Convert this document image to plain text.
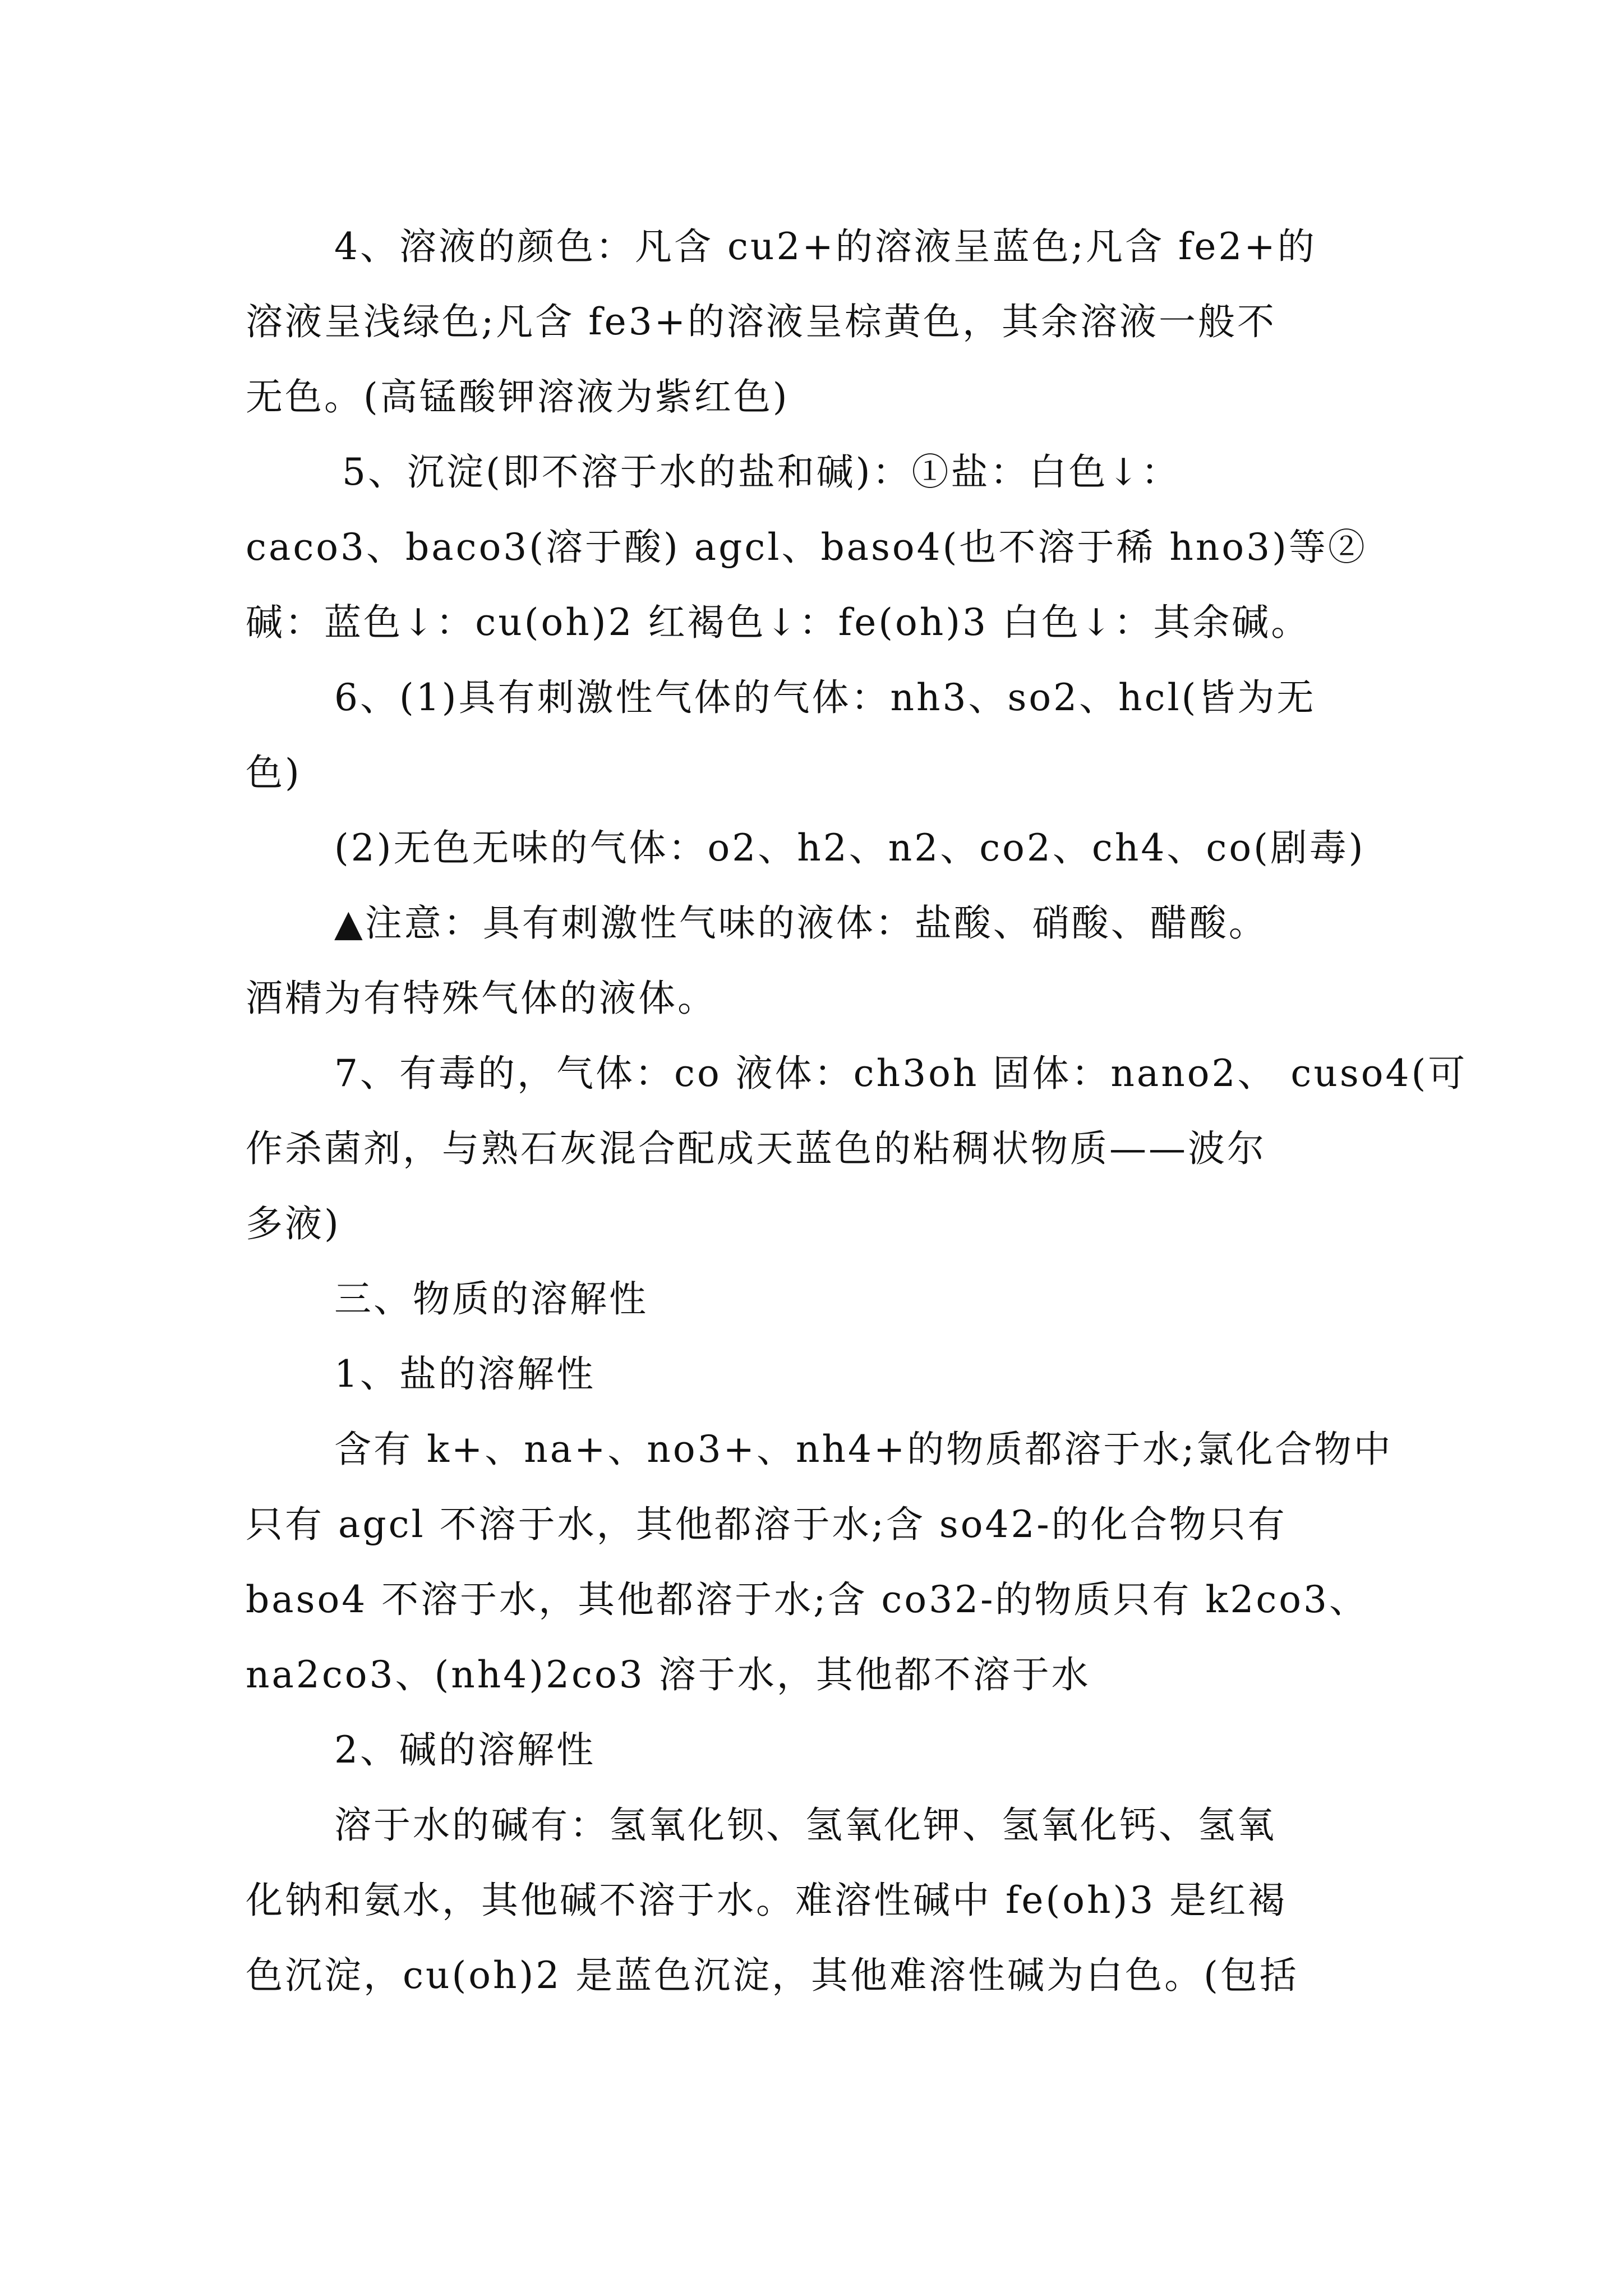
4、溶液的颜色：凡含 cu2+的溶液呈蓝色;凡含 fe2+的
溶液呈浅绿色;凡含 fe3+的溶液呈棕黄色，其余溶液一般不
无色。(高锰酸钾溶液为紫红色)
5、沉淀(即不溶于水的盐和碱)：①盐：白色↓：
caco3、baco3(溶于酸) agcl、baso4(也不溶于稀 hno3)等②
碱：蓝色↓：cu(oh)2 红褐色↓：fe(oh)3 白色↓：其余碱。
6、(1)具有刺激性气体的气体：nh3、so2、hcl(皆为无
色)
(2)无色无味的气体：o2、h2、n2、co2、ch4、co(剧毒)
▲注意：具有刺激性气味的液体：盐酸、硝酸、醋酸。
酒精为有特殊气体的液体。
7、有毒的，气体：co 液体：ch3oh 固体：nano2、 cuso4(可
作杀菌剂，与熟石灰混合配成天蓝色的粘稠状物质——波尔
多液)
三、物质的溶解性
1、盐的溶解性
含有 k+、na+、no3+、nh4+的物质都溶于水;氯化合物中
只有 agcl 不溶于水，其他都溶于水;含 so42-的化合物只有
baso4 不溶于水，其他都溶于水;含 co32-的物质只有 k2co3、
na2co3、(nh4)2co3 溶于水，其他都不溶于水
2、碱的溶解性
溶于水的碱有：氢氧化钡、氢氧化钾、氢氧化钙、氢氧
化钠和氨水，其他碱不溶于水。难溶性碱中 fe(oh)3 是红褐
色沉淀，cu(oh)2 是蓝色沉淀，其他难溶性碱为白色。(包括
